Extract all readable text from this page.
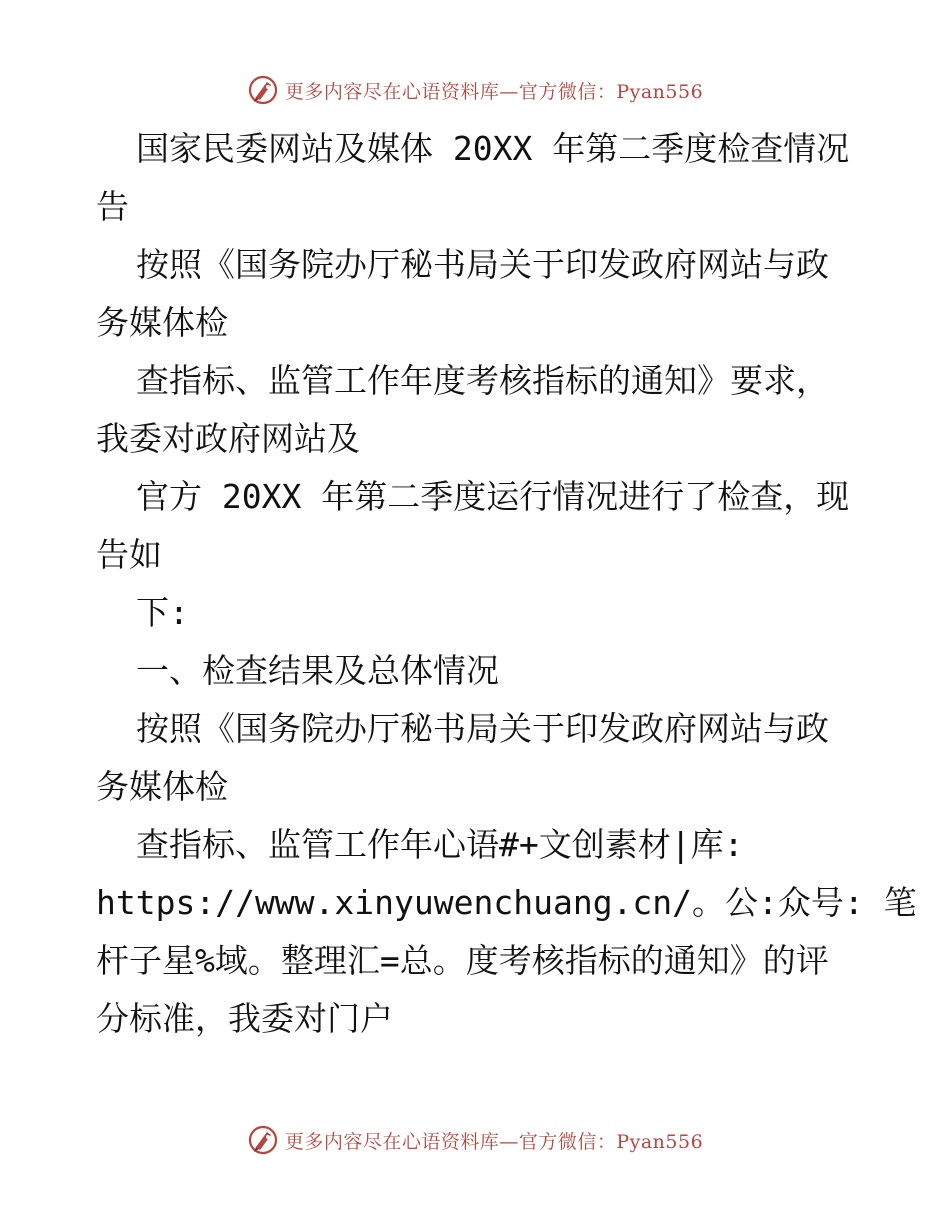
更多内容尽在心语资料库—官方微信：Pyan556
国家民委网站及媒体 20XX 年第二季度检查情况
告
按照《国务院办厅秘书局关于印发政府网站与政
务媒体检
查指标、监管工作年度考核指标的通知》要求，
我委对政府网站及
官方 20XX 年第二季度运行情况进行了检查，现
告如
下:
一、检查结果及总体情况
按照《国务院办厅秘书局关于印发政府网站与政
务媒体检
查指标、监管工作年心语#+文创素材|库:
https://www.xinyuwenchuang.cn/。公:众号: 笔
杆子星%域。整理汇=总。度考核指标的通知》的评
分标准，我委对门户
更多内容尽在心语资料库—官方微信：Pyan556
